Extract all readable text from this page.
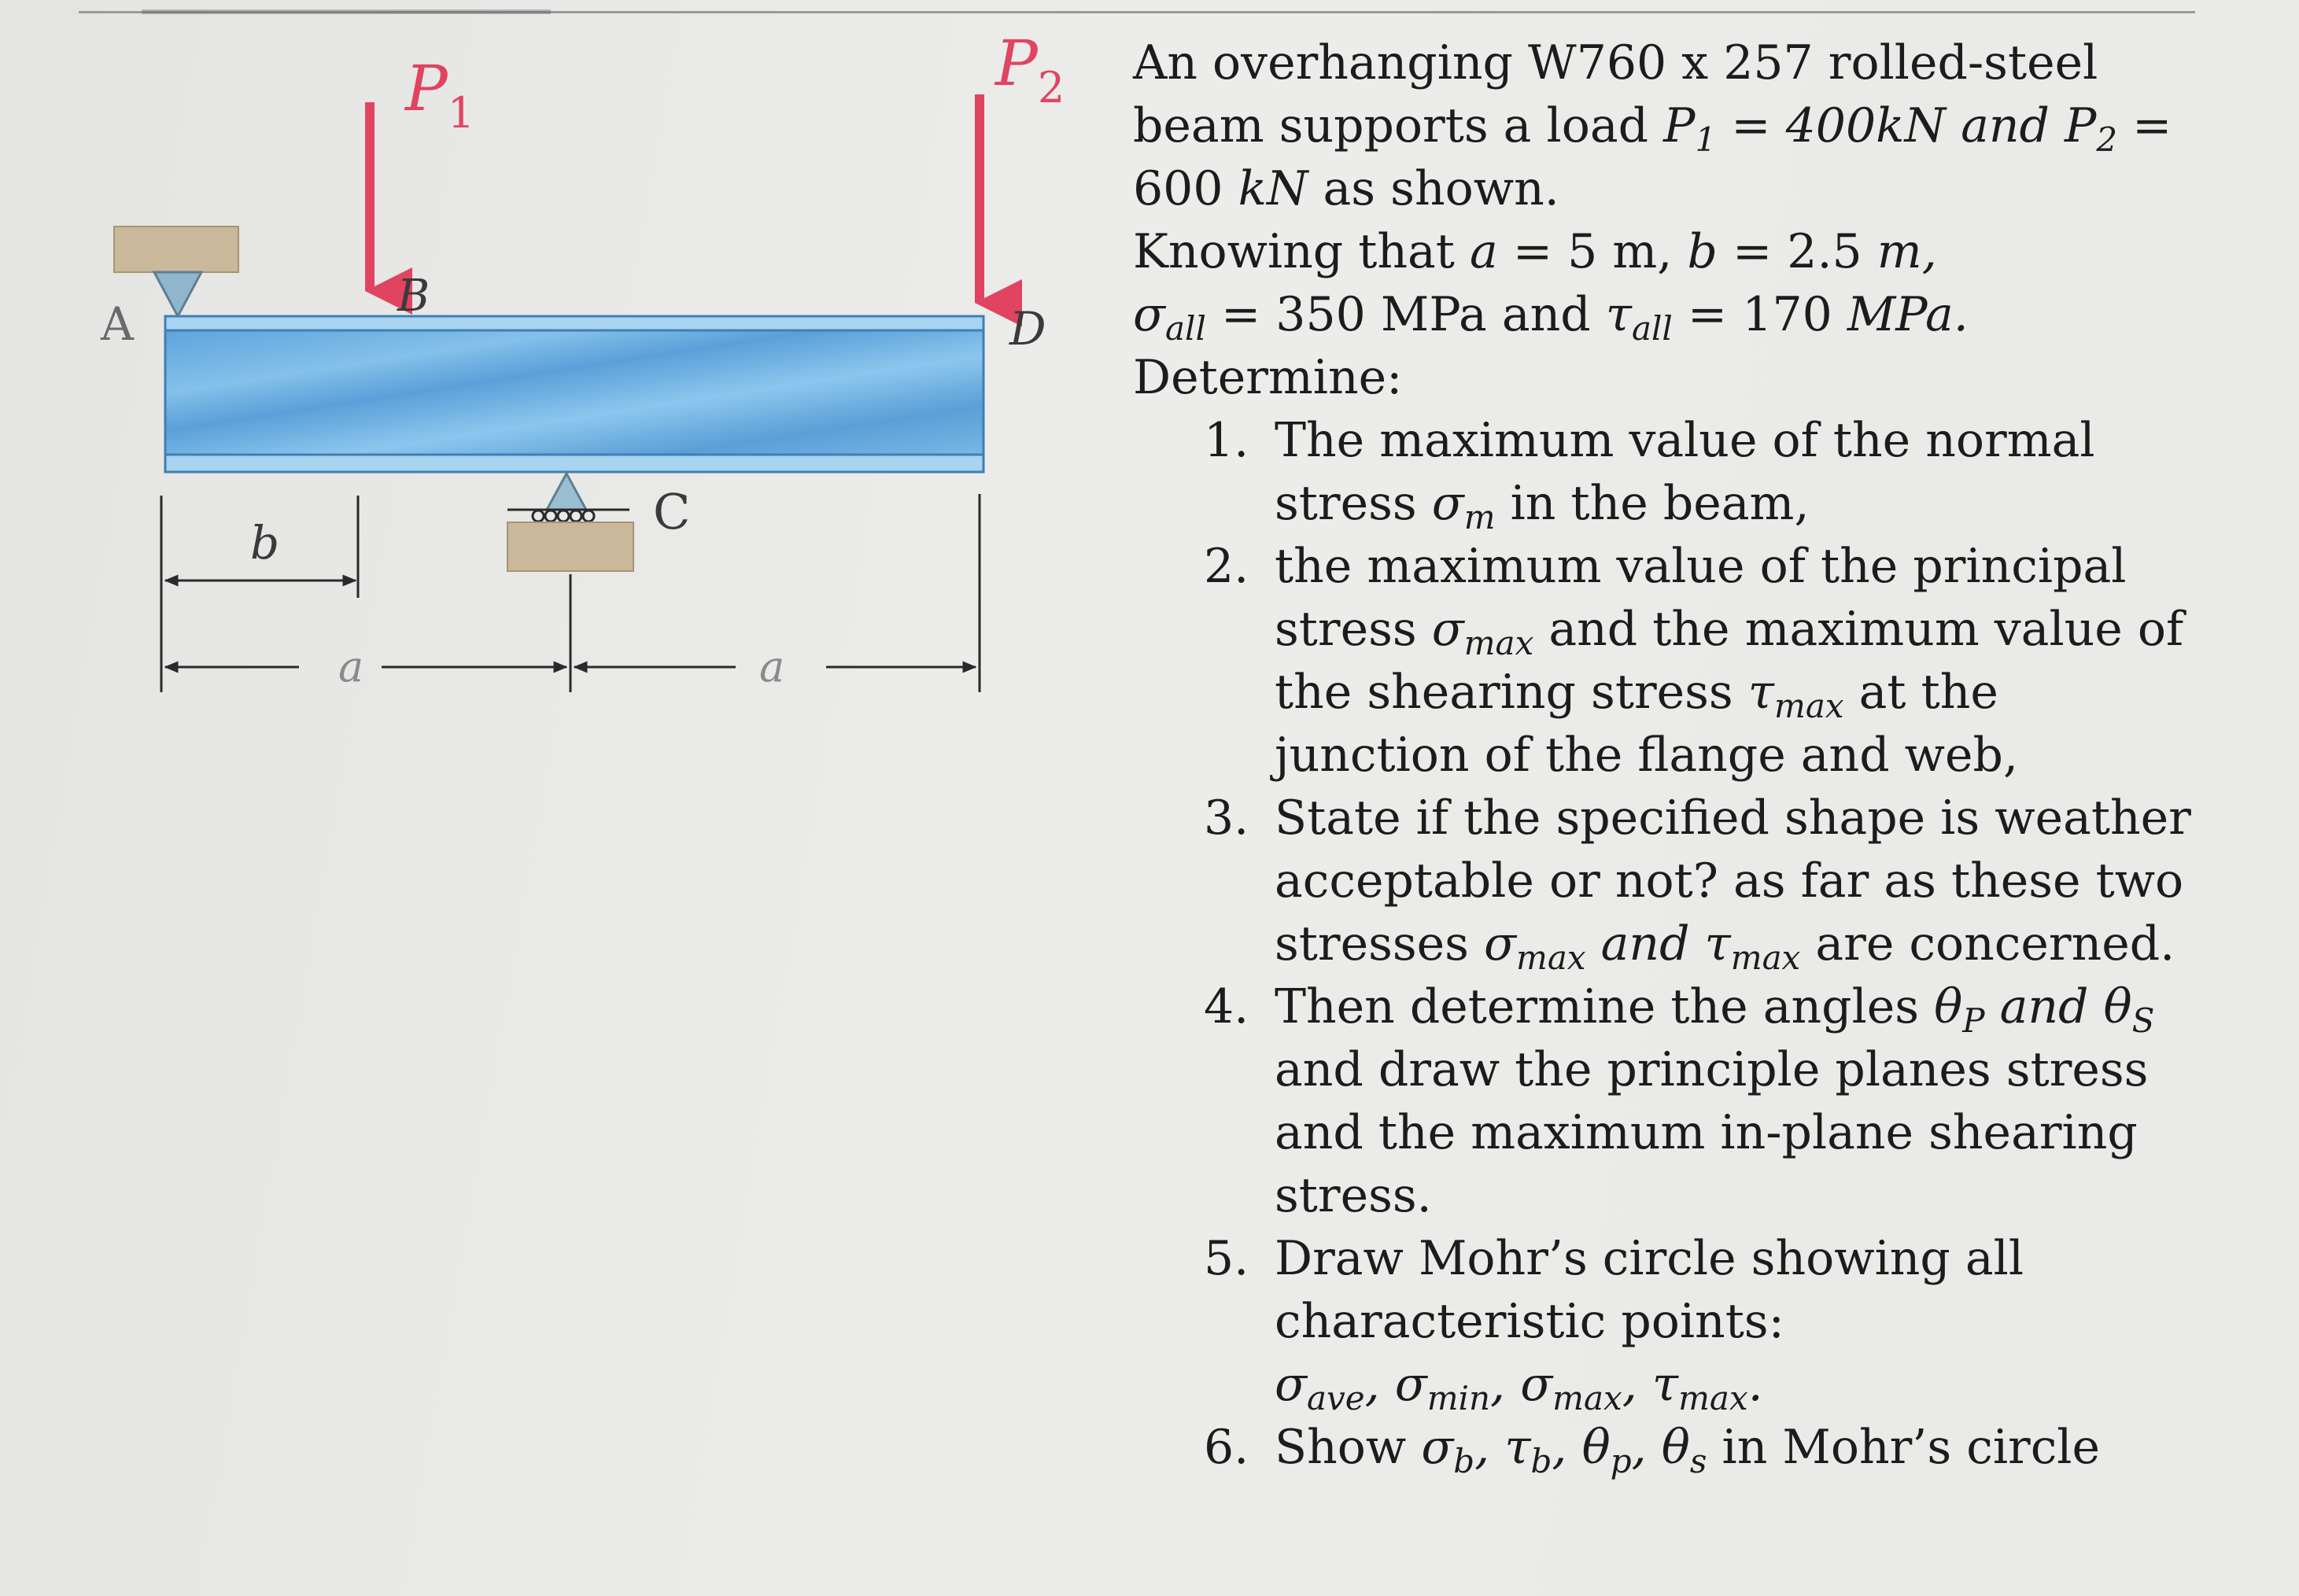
A
B
C
D
$P_1$
$P_2$
b
a	a
An overhanging W760 x 257 rolled-steel
beam supports a load $P_1 = 400kN$ and $P_2$ =
600 kN as shown.
Knowing that a = 5 m, b = 2.5 m,
$\sigma_{all} = 350$ MPa and $\tau_{all} = 170$ MPa.
Determine:
1. The maximum value of the normal
stress $\sigma_m$ in the beam,
2. the maximum value of the principal
stress $\sigma_{max}$ and the maximum value of
the shearing stress $\tau_{max}$ at the
junction of the flange and web,
3. State if the specified shape is weather
acceptable or not? as far as these two
stresses $\sigma_{max}$ and $\tau_{max}$ are concerned.
4. Then determine the angles $\theta_P$ and $\theta_S$
and draw the principle planes stress
and the maximum in-plane shearing
stress.
5. Draw Mohr’s circle showing all
characteristic points:
$\sigma_{ave}$, $\sigma_{min}$, $\sigma_{max}$, $\tau_{max}$.
6. Show $\sigma_b$, $\tau_b$, $\theta_p$, $\theta_s$ in Mohr’s circle
